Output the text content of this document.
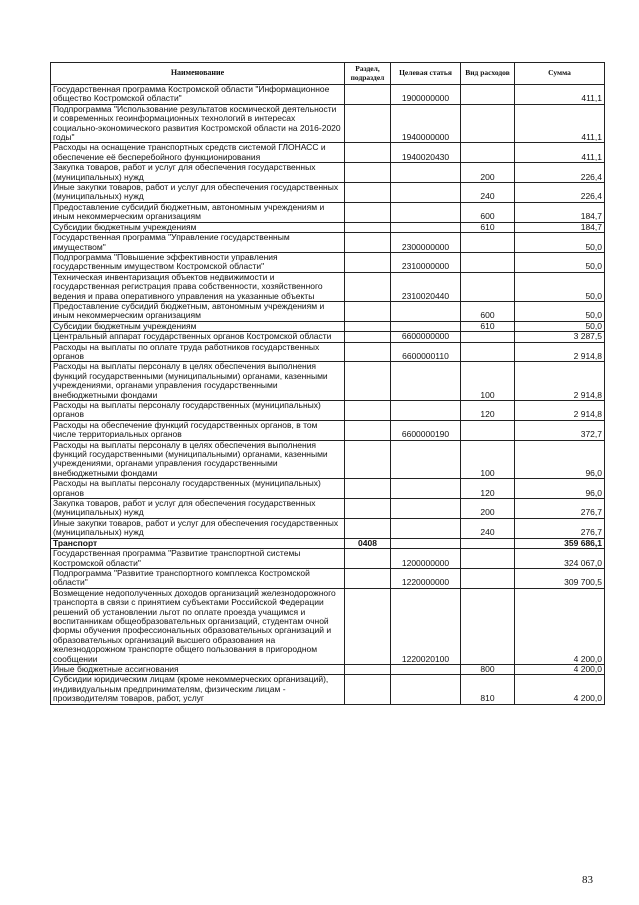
Наименование	Раздел, подраздел	Целевая статья	Вид расходов	Сумма
Государственная программа Костромской области "Информационное общество Костромской области"		1900000000		411,1
Подпрограмма "Использование результатов космической деятельности и современных геоинформационных технологий в интересах социально-экономического развития Костромской области на 2016-2020 годы"		1940000000		411,1
Расходы на оснащение транспортных средств системой ГЛОНАСС и обеспечение её бесперебойного функционирования		1940020430		411,1
Закупка товаров, работ и услуг для обеспечения государственных (муниципальных) нужд			200	226,4
Иные закупки товаров, работ и услуг для обеспечения государственных (муниципальных) нужд			240	226,4
Предоставление субсидий бюджетным, автономным учреждениям и иным некоммерческим организациям			600	184,7
Субсидии бюджетным учреждениям			610	184,7
Государственная программа "Управление государственным имуществом"		2300000000		50,0
Подпрограмма "Повышение эффективности управления государственным имуществом Костромской области"		2310000000		50,0
Техническая инвентаризация объектов недвижимости и государственная регистрация права собственности, хозяйственного ведения и права оперативного управления на указанные объекты		2310020440		50,0
Предоставление субсидий бюджетным, автономным учреждениям и иным некоммерческим организациям			600	50,0
Субсидии бюджетным учреждениям			610	50,0
Центральный аппарат государственных органов Костромской области		6600000000		3 287,5
Расходы на выплаты по оплате труда работников государственных органов		6600000110		2 914,8
Расходы на выплаты персоналу в целях обеспечения выполнения функций государственными (муниципальными) органами, казенными учреждениями, органами управления государственными внебюджетными фондами			100	2 914,8
Расходы на выплаты персоналу государственных (муниципальных) органов			120	2 914,8
Расходы на обеспечение функций государственных органов, в том числе территориальных органов		6600000190		372,7
Расходы на выплаты персоналу в целях обеспечения выполнения функций государственными (муниципальными) органами, казенными учреждениями, органами управления государственными внебюджетными фондами			100	96,0
Расходы на выплаты персоналу государственных (муниципальных) органов			120	96,0
Закупка товаров, работ и услуг для обеспечения государственных (муниципальных) нужд			200	276,7
Иные закупки товаров, работ и услуг для обеспечения государственных (муниципальных) нужд			240	276,7
Транспорт	0408			359 686,1
Государственная программа "Развитие транспортной системы Костромской области"		1200000000		324 067,0
Подпрограмма "Развитие транспортного комплекса Костромской области"		1220000000		309 700,5
Возмещение недополученных доходов организаций железнодорожного транспорта в связи с принятием субъектами Российской Федерации решений об установлении льгот по оплате проезда учащимся и воспитанникам общеобразовательных организаций, студентам очной формы обучения профессиональных образовательных организаций и образовательных организаций высшего образования на железнодорожном транспорте общего пользования в пригородном сообщении		1220020100		4 200,0
Иные бюджетные ассигнования			800	4 200,0
Субсидии юридическим лицам (кроме некоммерческих организаций), индивидуальным предпринимателям, физическим лицам - производителям товаров, работ, услуг			810	4 200,0
83
